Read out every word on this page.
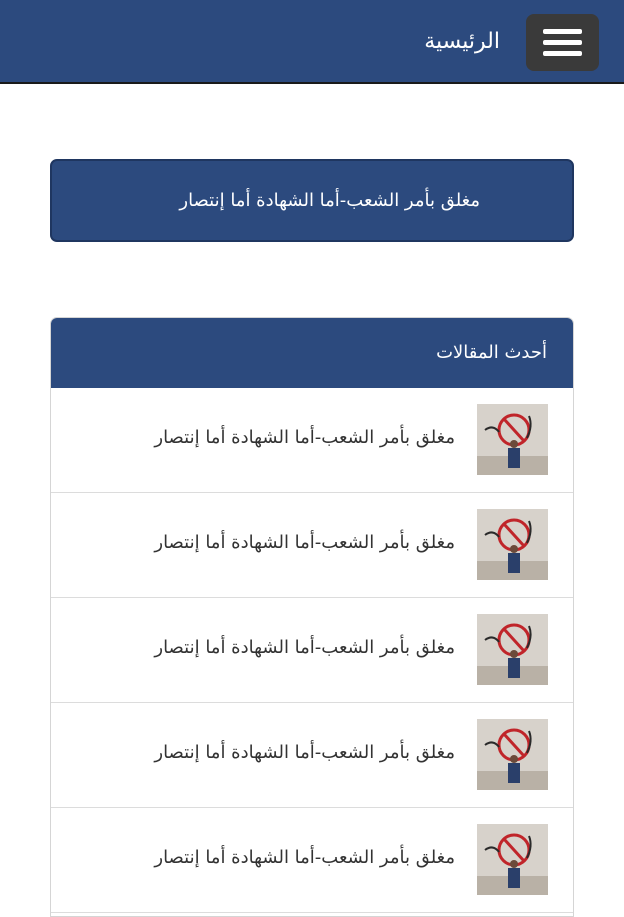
الرئيسية
مغلق بأمر الشعب-أما الشهادة أما إنتصار
أحدث المقالات
مغلق بأمر الشعب-أما الشهادة أما إنتصار
مغلق بأمر الشعب-أما الشهادة أما إنتصار
مغلق بأمر الشعب-أما الشهادة أما إنتصار
مغلق بأمر الشعب-أما الشهادة أما إنتصار
مغلق بأمر الشعب-أما الشهادة أما إنتصار
